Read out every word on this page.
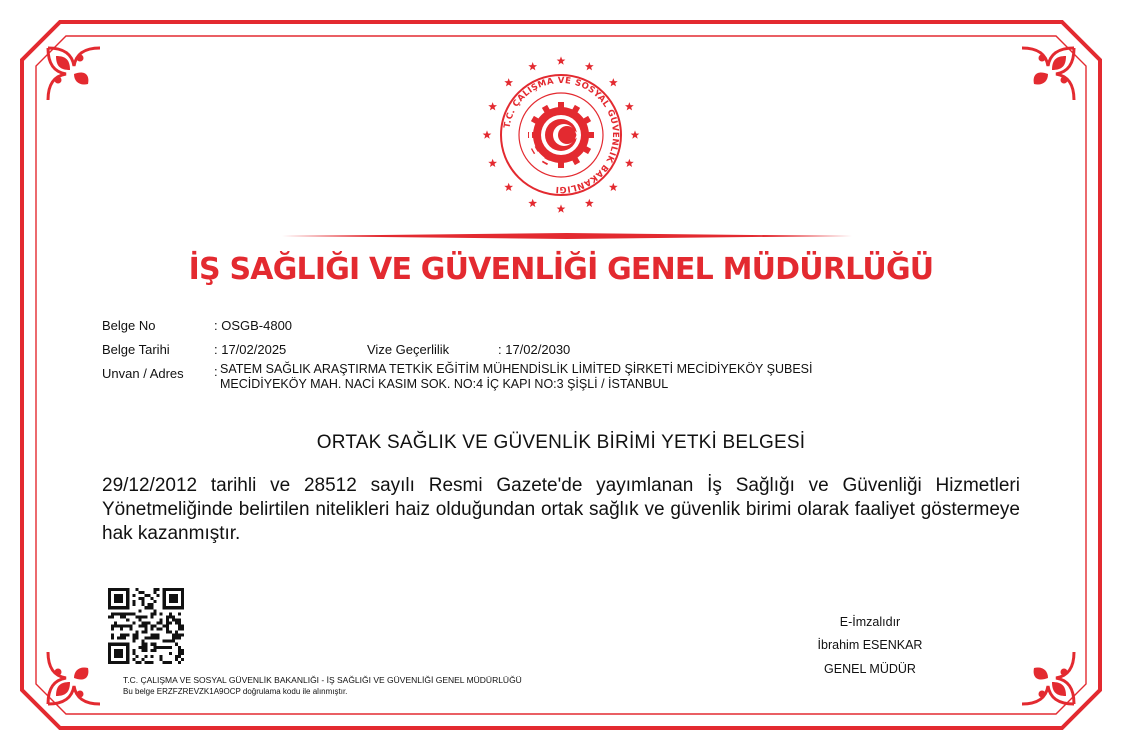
T.C. ÇALIŞMA VE SOSYAL GÜVENLİK BAKANLIĞI
İŞ SAĞLIĞI VE GÜVENLİĞİ GENEL MÜDÜRLÜĞÜ
Belge No	: OSGB-4800
Belge Tarihi	: 17/02/2025	Vize Geçerlilik	: 17/02/2030
Unvan / Adres : SATEM SAĞLIK ARAŞTIRMA TETKİK EĞİTİM MÜHENDİSLİK LİMİTED ŞİRKETİ MECİDİYEKÖY ŞUBESİ
MECİDİYEKÖY MAH. NACİ KASIM SOK. NO:4 İÇ KAPI NO:3 ŞİŞLİ / İSTANBUL
ORTAK SAĞLIK VE GÜVENLİK BİRİMİ YETKİ BELGESİ
29/12/2012 tarihli ve 28512 sayılı Resmi Gazete'de yayımlanan İş Sağlığı ve Güvenliği Hizmetleri Yönetmeliğinde belirtilen nitelikleri haiz olduğundan ortak sağlık ve güvenlik birimi olarak faaliyet göstermeye hak kazanmıştır.
T.C. ÇALIŞMA VE SOSYAL GÜVENLİK BAKANLIĞI - İŞ SAĞLIĞI VE GÜVENLİĞİ GENEL MÜDÜRLÜĞÜ
Bu belge ERZFZREVZK1A9OCP doğrulama kodu ile alınmıştır.
E-İmzalıdır
İbrahim ESENKAR
GENEL MÜDÜR
